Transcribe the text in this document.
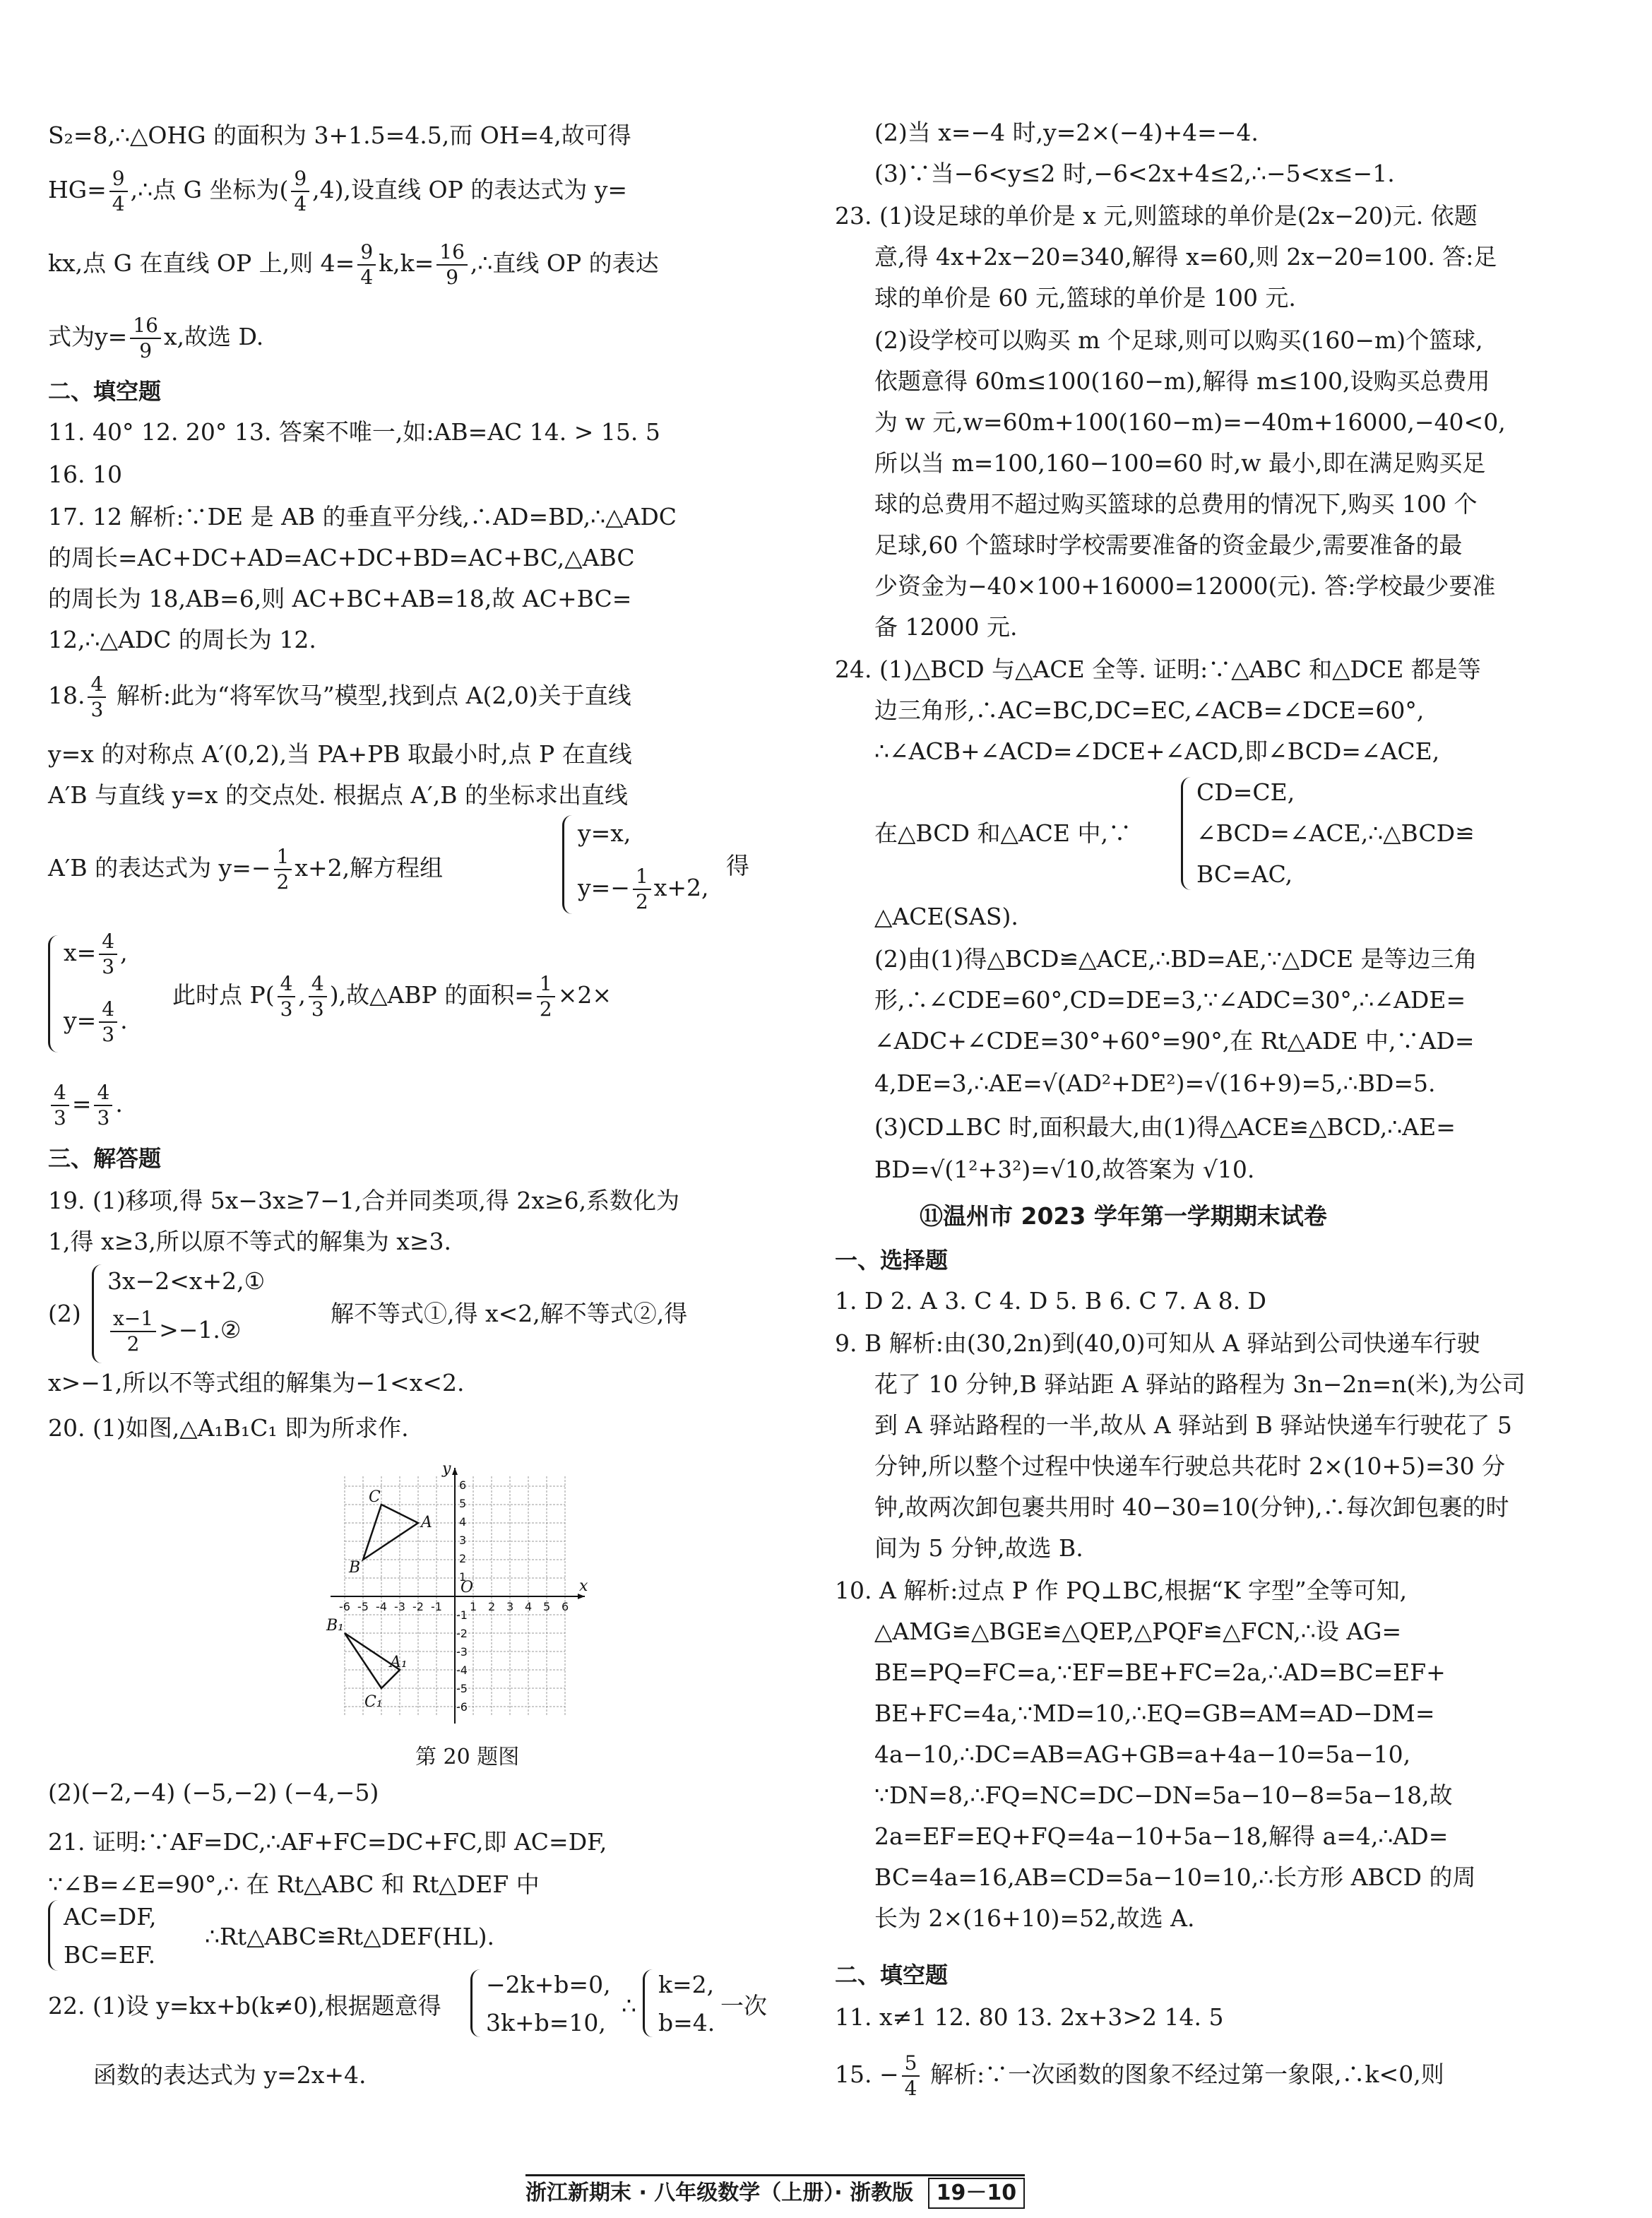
S₂=8,∴△OHG 的面积为 3+1.5=4.5,而 OH=4,故可得
$HG= \frac{9}{4}$ ,∴点 G 坐标为( $\frac{9}{4} ,4$),设直线 OP 的表达式为 y=
kx,点 G 在直线 OP 上,则 $4= \frac{9}{4} k,k= \frac{16}{9}$ ,∴直线 OP 的表达
式为$y= \frac{16}{9} x$,故选 D.
二、填空题
11. 40° 12. 20° 13. 答案不唯一,如:AB=AC 14. > 15. 5
16. 10
17. 12 解析:∵DE 是 AB 的垂直平分线,∴AD=BD,∴△ADC
的周长=AC+DC+AD=AC+DC+BD=AC+BC,△ABC
的周长为 18,AB=6,则 AC+BC+AB=18,故 AC+BC=
12,∴△ADC 的周长为 12.
18. $\frac{4}{3}$ 解析:此为“将军饮马”模型,找到点 A(2,0)关于直线
y=x 的对称点 A′(0,2),当 PA+PB 取最小时,点 P 在直线
A′B 与直线 y=x 的交点处. 根据点 A′,B 的坐标求出直线
A′B 的表达式为 $y=- \frac{1}{2} x+2$,解方程组
y=x,
$y=- \frac{1}{2} x+2$,
得
$x= \frac{4}{3}$ ,
$y= \frac{4}{3}$ .
此时点 $P( \frac{4}{3}$ , $\frac{4}{3}$ ),故△ABP 的面积= $\frac{1}{2} \times 2\times$
$\frac{4}{3} = \frac{4}{3}$ .
三、解答题
19. (1)移项,得 5x−3x≥7−1,合并同类项,得 2x≥6,系数化为
1,得 x≥3,所以原不等式的解集为 x≥3.
(2)
3x−2<x+2,①
$\frac{x-1}{2}$ >−1.②
解不等式①,得 x<2,解不等式②,得
x>−1,所以不等式组的解集为−1<x<2.
20. (1)如图,△A₁B₁C₁ 即为所求作.
x
y
O
C
A
B
B₁
A₁
C₁
-6 -5 -4 -3 -2 -1 1 2 3 4 5 6
1
2
3
4
5
6
-1
-2
-3
-4
-5
-6
第 20 题图
(2)(−2,−4) (−5,−2) (−4,−5)
21. 证明:∵AF=DC,∴AF+FC=DC+FC,即 AC=DF,
∵∠B=∠E=90°,∴ 在 Rt△ABC 和 Rt△DEF 中
AC=DF,
BC=EF.
∴Rt△ABC≌Rt△DEF(HL).
22. (1)设 y=kx+b(k≠0),根据题意得
−2k+b=0,
3k+b=10,
∴
k=2,
b=4.
一次
函数的表达式为 y=2x+4.
(2)当 x=−4 时,y=2×(−4)+4=−4.
(3)∵当−6<y≤2 时,−6<2x+4≤2,∴−5<x≤−1.
23. (1)设足球的单价是 x 元,则篮球的单价是(2x−20)元. 依题
意,得 4x+2x−20=340,解得 x=60,则 2x−20=100. 答:足
球的单价是 60 元,篮球的单价是 100 元.
(2)设学校可以购买 m 个足球,则可以购买(160−m)个篮球,
依题意得 60m≤100(160−m),解得 m≤100,设购买总费用
为 w 元,w=60m+100(160−m)=−40m+16000,−40<0,
所以当 m=100,160−100=60 时,w 最小,即在满足购买足
球的总费用不超过购买篮球的总费用的情况下,购买 100 个
足球,60 个篮球时学校需要准备的资金最少,需要准备的最
少资金为−40×100+16000=12000(元). 答:学校最少要准
备 12000 元.
24. (1)△BCD 与△ACE 全等. 证明:∵△ABC 和△DCE 都是等
边三角形,∴AC=BC,DC=EC,∠ACB=∠DCE=60°,
∴∠ACB+∠ACD=∠DCE+∠ACD,即∠BCD=∠ACE,
在△BCD 和△ACE 中,∵
CD=CE,
∠BCD=∠ACE,∴△BCD≌
BC=AC,
△ACE(SAS).
(2)由(1)得△BCD≌△ACE,∴BD=AE,∵△DCE 是等边三角
形,∴∠CDE=60°,CD=DE=3,∵∠ADC=30°,∴∠ADE=
∠ADC+∠CDE=30°+60°=90°,在 Rt△ADE 中,∵AD=
4,DE=3,∴AE=√(AD²+DE²)=√(16+9)=5,∴BD=5.
(3)CD⊥BC 时,面积最大,由(1)得△ACE≌△BCD,∴AE=
BD=√(1²+3²)=√10,故答案为 √10.
⑪温州市 2023 学年第一学期期末试卷
一、选择题
1. D 2. A 3. C 4. D 5. B 6. C 7. A 8. D
9. B 解析:由(30,2n)到(40,0)可知从 A 驿站到公司快递车行驶
花了 10 分钟,B 驿站距 A 驿站的路程为 3n−2n=n(米),为公司
到 A 驿站路程的一半,故从 A 驿站到 B 驿站快递车行驶花了 5
分钟,所以整个过程中快递车行驶总共花时 2×(10+5)=30 分
钟,故两次卸包裹共用时 40−30=10(分钟),∴每次卸包裹的时
间为 5 分钟,故选 B.
10. A 解析:过点 P 作 PQ⊥BC,根据“K 字型”全等可知,
△AMG≌△BGE≌△QEP,△PQF≌△FCN,∴设 AG=
BE=PQ=FC=a,∵EF=BE+FC=2a,∴AD=BC=EF+
BE+FC=4a,∵MD=10,∴EQ=GB=AM=AD−DM=
4a−10,∴DC=AB=AG+GB=a+4a−10=5a−10,
∵DN=8,∴FQ=NC=DC−DN=5a−10−8=5a−18,故
2a=EF=EQ+FQ=4a−10+5a−18,解得 a=4,∴AD=
BC=4a=16,AB=CD=5a−10=10,∴长方形 ABCD 的周
长为 2×(16+10)=52,故选 A.
二、填空题
11. x≠1 12. 80 13. 2x+3>2 14. 5
15. − $\frac{5}{4}$ 解析:∵一次函数的图象不经过第一象限,∴k<0,则
浙江新期末 · 八年级数学（上册）· 浙教版 19－10
